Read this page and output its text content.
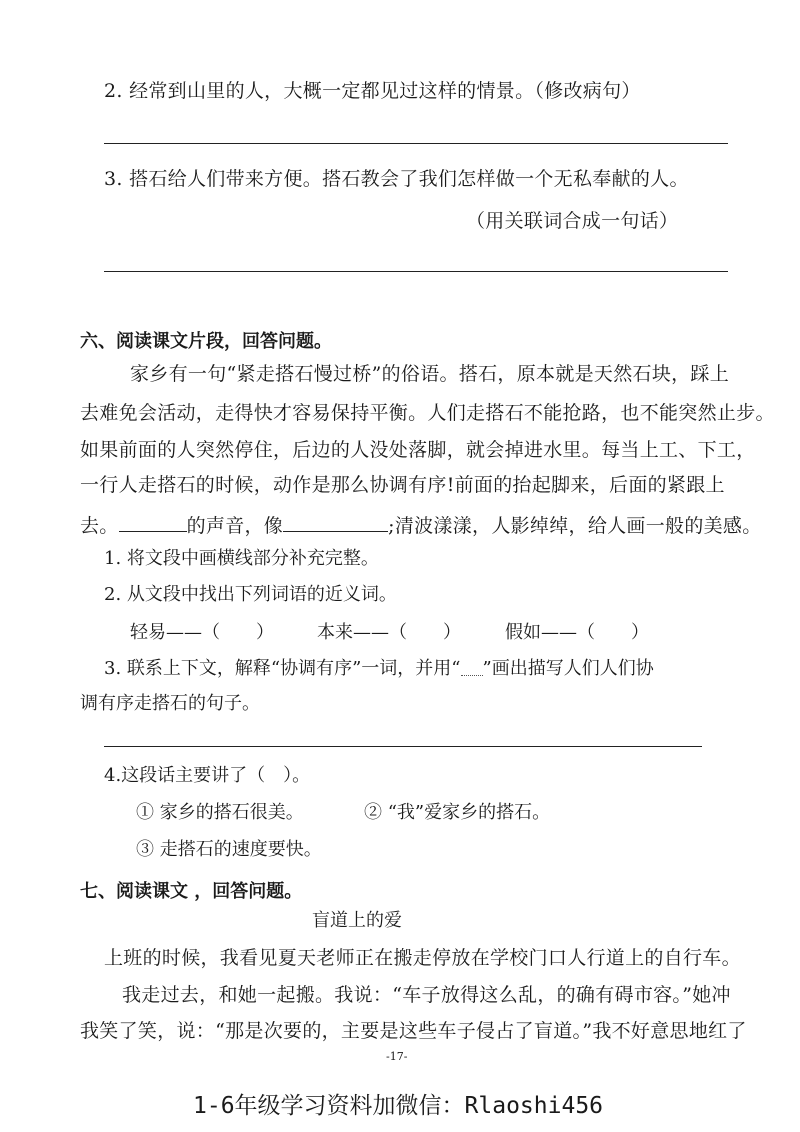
2. 经常到山里的人，大概一定都见过这样的情景。（修改病句）
3. 搭石给人们带来方便。搭石教会了我们怎样做一个无私奉献的人。
（用关联词合成一句话）
六、阅读课文片段，回答问题。
家乡有一句“紧走搭石慢过桥”的俗语。搭石，原本就是天然石块，踩上
去难免会活动，走得快才容易保持平衡。人们走搭石不能抢路，也不能突然止步。
如果前面的人突然停住，后边的人没处落脚，就会掉进水里。每当上工、下工，
一行人走搭石的时候，动作是那么协调有序!前面的抬起脚来，后面的紧跟上
去。	的声音，像	;清波漾漾，人影绰绰，给人画一般的美感。
1. 将文段中画横线部分补充完整。
2. 从文段中找出下列词语的近义词。
轻易——（　　） 本来——（　　） 假如——（　　）
3. 联系上下文，解释“协调有序”一词，并用“ ”画出描写人们人们协
调有序走搭石的句子。
4.这段话主要讲了（　）。
① 家乡的搭石很美。	② “我”爱家乡的搭石。
③ 走搭石的速度要快。
七、阅读课文 ，回答问题。
盲道上的爱
上班的时候，我看见夏天老师正在搬走停放在学校门口人行道上的自行车。
我走过去，和她一起搬。我说：“车子放得这么乱，的确有碍市容。”她冲
我笑了笑，说：“那是次要的，主要是这些车子侵占了盲道。”我不好意思地红了
-17-
1-6年级学习资料加微信：Rlaoshi456
